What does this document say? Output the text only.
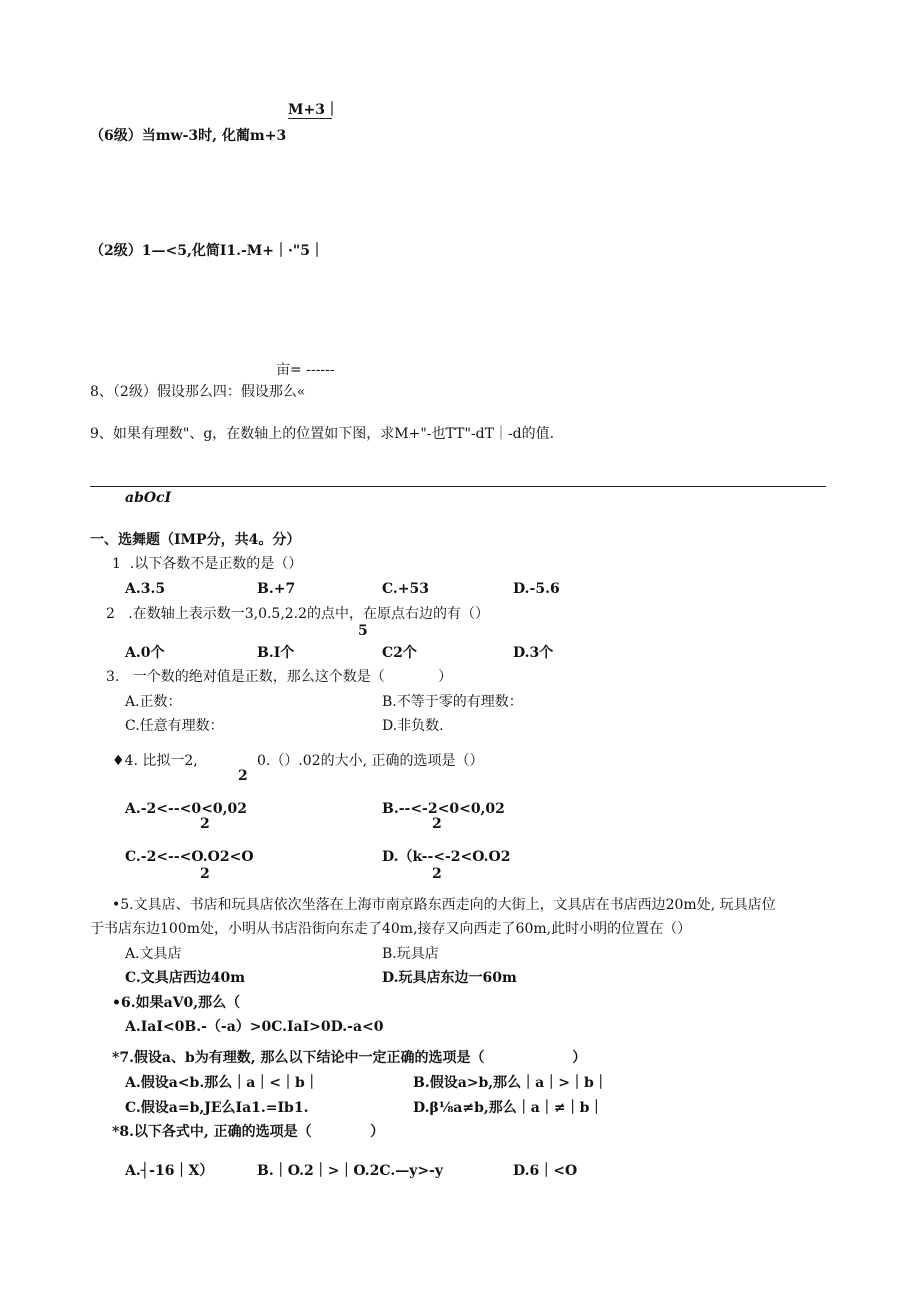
M+3｜
（6级）当mw-3时, 化蔺m+3
（2级）1—<5,化简I1.-M+｜·"5｜
亩= ------
8、（2级）假设那么四：假设那么«
9、如果有理数"、g，在数轴上的位置如下图，求M+"-也TT"-dT｜-d的值.
abOcI
一、选舞题（IMP分，共4。分）
1  .以下各数不是正数的是（）
A.3.5	B.+7	C.+53	D.-5.6
2   .在数轴上表示数一3,0.5,2.2的点中，在原点右边的有（）
5
A.0个	B.I个	C2个	D.3个
3.   一个数的绝对值是正数，那么这个数是（            ）
A.正数：	B.不等于零的有理数：
C.任意有理数：	D.非负数.
♦4. 比拟一2,	0.（）.02的大小, 正确的选项是（）
2
A.-2<--<0<0,02
2
B.--<-2<0<0,02
2
C.-2<--<O.O2<O
2
D.（k--<-2<O.O2
2
•5.文具店、书店和玩具店依次坐落在上海市南京路东西走向的大街上，文具店在书店西边20m处, 玩具店位
于书店东边100m处，小明从书店沿街向东走了40m,接存又向西走了60m,此时小明的位置在（）
A.文具店	B.玩具店
C.文具店西边40m	D.玩具店东边一60m
•6.如果aV0,那么（
A.IaI<0B.-（-a）>0C.IaI>0D.-a<0
*7.假设a、b为有理数, 那么以下结论中一定正确的选项是（                  ）
A.假设a<b.那么｜a｜<｜b｜	B.假设a>b,那么｜a｜>｜b｜
C.假设a=b,JE么Ia1.=Ib1.	D.β⅛a≠b,那么｜a｜≠｜b｜
*8.以下各式中, 正确的选项是（            ）
A.┤-16｜X）	B.｜O.2｜>｜O.2C.—y>-y	D.6｜<O
